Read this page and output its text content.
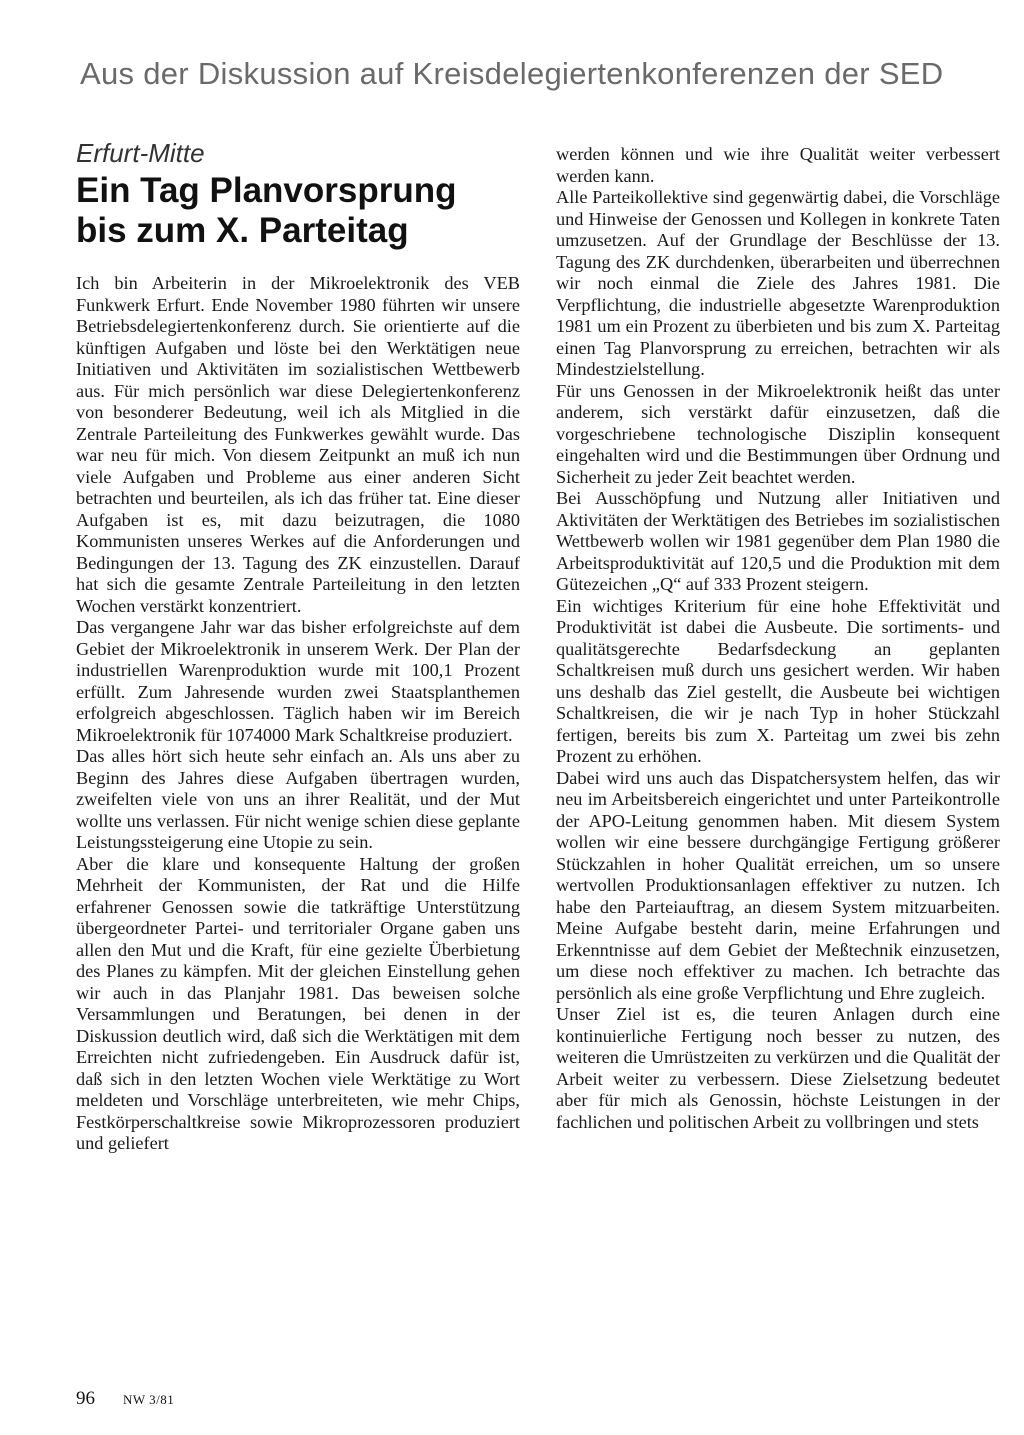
Aus der Diskussion auf Kreisdelegiertenkonferenzen der SED
Erfurt-Mitte
Ein Tag Planvorsprung
bis zum X. Parteitag

Ich bin Arbeiterin in der Mikroelektronik des VEB Funkwerk Erfurt. Ende November 1980 führten wir unsere Betriebsdelegiertenkonferenz durch. Sie orientierte auf die künftigen Aufgaben und löste bei den Werktätigen neue Initiativen und Aktivitäten im sozialistischen Wettbewerb aus. Für mich persönlich war diese Delegiertenkonferenz von besonderer Bedeutung, weil ich als Mitglied in die Zentrale Parteileitung des Funkwerkes gewählt wurde. Das war neu für mich. Von diesem Zeitpunkt an muß ich nun viele Aufgaben und Probleme aus einer anderen Sicht betrachten und beurteilen, als ich das früher tat. Eine dieser Aufgaben ist es, mit dazu beizutragen, die 1080 Kommunisten unseres Werkes auf die Anforderungen und Bedingungen der 13. Tagung des ZK einzustellen. Darauf hat sich die gesamte Zentrale Parteileitung in den letzten Wochen verstärkt konzentriert.

Das vergangene Jahr war das bisher erfolgreichste auf dem Gebiet der Mikroelektronik in unserem Werk. Der Plan der industriellen Warenproduktion wurde mit 100,1 Prozent erfüllt. Zum Jahresende wurden zwei Staatsplanthemen erfolgreich abgeschlossen. Täglich haben wir im Bereich Mikroelektronik für 1074000 Mark Schaltkreise produziert.

Das alles hört sich heute sehr einfach an. Als uns aber zu Beginn des Jahres diese Aufgaben übertragen wurden, zweifelten viele von uns an ihrer Realität, und der Mut wollte uns verlassen. Für nicht wenige schien diese geplante Leistungssteigerung eine Utopie zu sein.

Aber die klare und konsequente Haltung der großen Mehrheit der Kommunisten, der Rat und die Hilfe erfahrener Genossen sowie die tatkräftige Unterstützung übergeordneter Partei- und territorialer Organe gaben uns allen den Mut und die Kraft, für eine gezielte Überbietung des Planes zu kämpfen. Mit der gleichen Einstellung gehen wir auch in das Planjahr 1981. Das beweisen solche Versammlungen und Beratungen, bei denen in der Diskussion deutlich wird, daß sich die Werktätigen mit dem Erreichten nicht zufriedengeben. Ein Ausdruck dafür ist, daß sich in den letzten Wochen viele Werktätige zu Wort meldeten und Vorschläge unterbreiteten, wie mehr Chips, Festkörperschaltkreise sowie Mikroprozessoren produziert und geliefert

werden können und wie ihre Qualität weiter verbessert werden kann.

Alle Parteikollektive sind gegenwärtig dabei, die Vorschläge und Hinweise der Genossen und Kollegen in konkrete Taten umzusetzen. Auf der Grundlage der Beschlüsse der 13. Tagung des ZK durchdenken, überarbeiten und überrechnen wir noch einmal die Ziele des Jahres 1981. Die Verpflichtung, die industrielle abgesetzte Warenproduktion 1981 um ein Prozent zu überbieten und bis zum X. Parteitag einen Tag Planvorsprung zu erreichen, betrachten wir als Mindestzielstellung.

Für uns Genossen in der Mikroelektronik heißt das unter anderem, sich verstärkt dafür einzusetzen, daß die vorgeschriebene technologische Disziplin konsequent eingehalten wird und die Bestimmungen über Ordnung und Sicherheit zu jeder Zeit beachtet werden.

Bei Ausschöpfung und Nutzung aller Initiativen und Aktivitäten der Werktätigen des Betriebes im sozialistischen Wettbewerb wollen wir 1981 gegenüber dem Plan 1980 die Arbeitsproduktivität auf 120,5 und die Produktion mit dem Gütezeichen „Q“ auf 333 Prozent steigern.

Ein wichtiges Kriterium für eine hohe Effektivität und Produktivität ist dabei die Ausbeute. Die sortiments- und qualitätsgerechte Bedarfsdeckung an geplanten Schaltkreisen muß durch uns gesichert werden. Wir haben uns deshalb das Ziel gestellt, die Ausbeute bei wichtigen Schaltkreisen, die wir je nach Typ in hoher Stückzahl fertigen, bereits bis zum X. Parteitag um zwei bis zehn Prozent zu erhöhen.

Dabei wird uns auch das Dispatchersystem helfen, das wir neu im Arbeitsbereich eingerichtet und unter Parteikontrolle der APO-Leitung genommen haben. Mit diesem System wollen wir eine bessere durchgängige Fertigung größerer Stückzahlen in hoher Qualität erreichen, um so unsere wertvollen Produktionsanlagen effektiver zu nutzen. Ich habe den Parteiauftrag, an diesem System mitzuarbeiten. Meine Aufgabe besteht darin, meine Erfahrungen und Erkenntnisse auf dem Gebiet der Meßtechnik einzusetzen, um diese noch effektiver zu machen. Ich betrachte das persönlich als eine große Verpflichtung und Ehre zugleich.

Unser Ziel ist es, die teuren Anlagen durch eine kontinuierliche Fertigung noch besser zu nutzen, des weiteren die Umrüstzeiten zu verkürzen und die Qualität der Arbeit weiter zu verbessern. Diese Zielsetzung bedeutet aber für mich als Genossin, höchste Leistungen in der fachlichen und politischen Arbeit zu vollbringen und stets

96 NW 3/81
